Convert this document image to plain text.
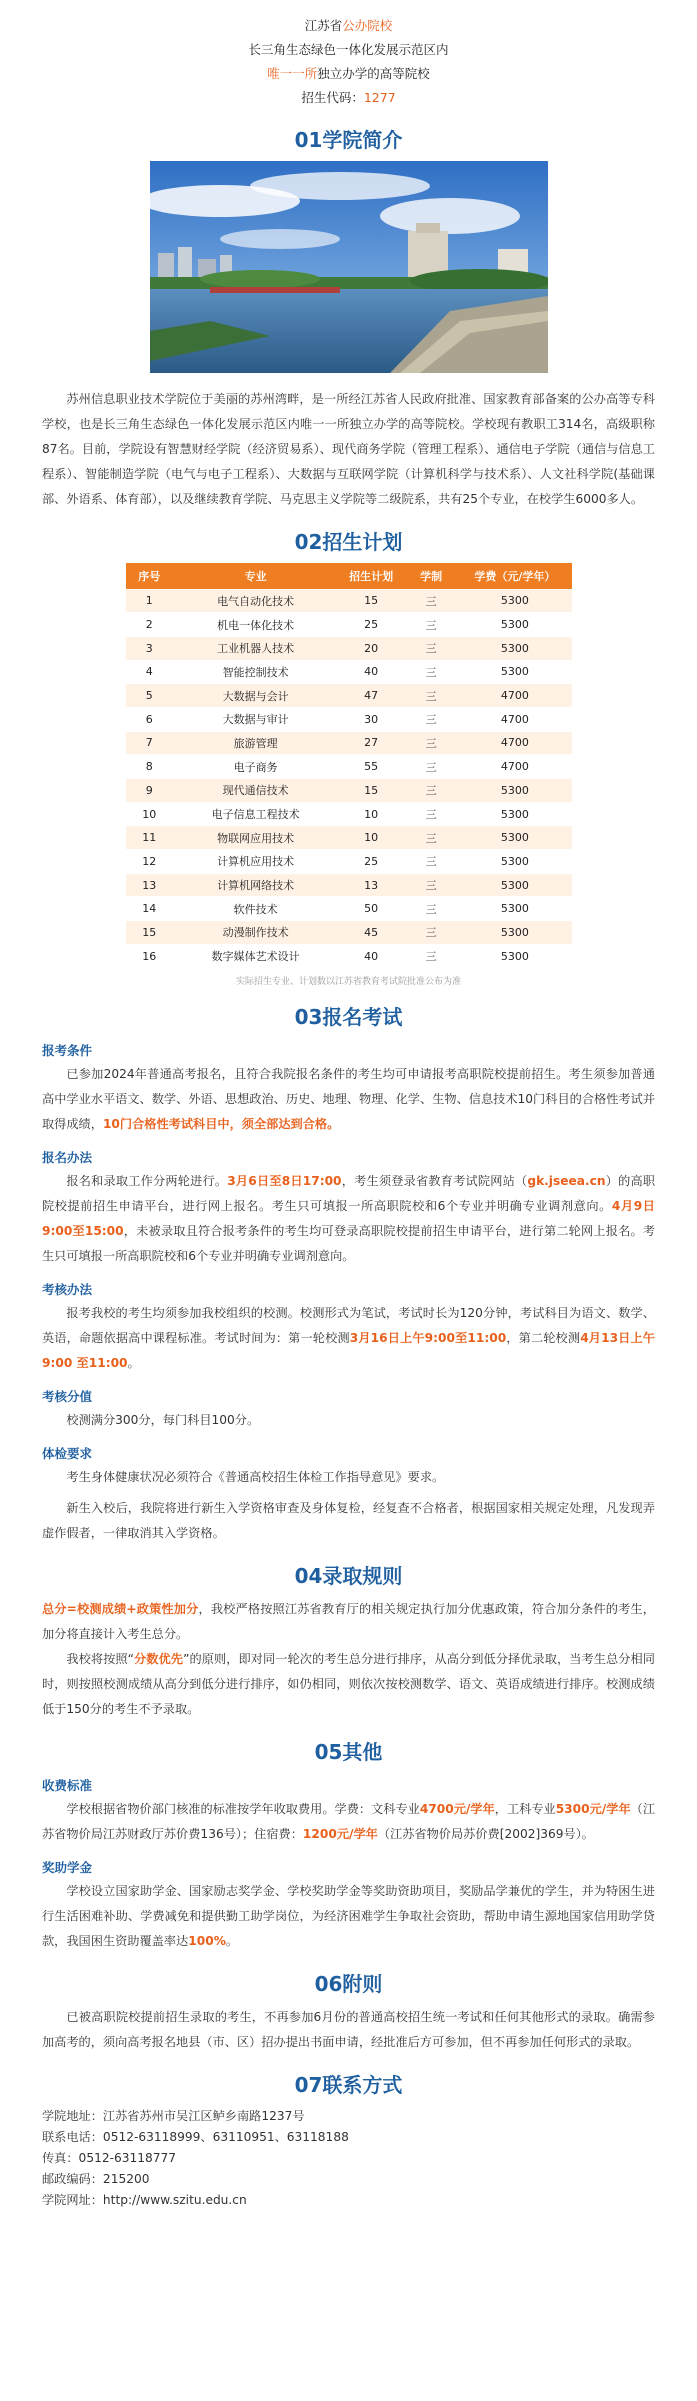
江苏省公办院校
长三角生态绿色一体化发展示范区内
唯一一所独立办学的高等院校
招生代码：1277
01学院简介

苏州信息职业技术学院位于美丽的苏州湾畔，是一所经江苏省人民政府批准、国家教育部备案的公办高等专科学校，也是长三角生态绿色一体化发展示范区内唯一一所独立办学的高等院校。学校现有教职工314名，高级职称87名。目前，学院设有智慧财经学院（经济贸易系）、现代商务学院（管理工程系）、通信电子学院（通信与信息工程系）、智能制造学院（电气与电子工程系）、大数据与互联网学院（计算机科学与技术系）、人文社科学院(基础课部、外语系、体育部），以及继续教育学院、马克思主义学院等二级院系，共有25个专业，在校学生6000多人。

02招生计划
序号	专业	招生计划	学制	学费（元/学年）
1	电气自动化技术	15	三	5300
2	机电一体化技术	25	三	5300
3	工业机器人技术	20	三	5300
4	智能控制技术	40	三	5300
5	大数据与会计	47	三	4700
6	大数据与审计	30	三	4700
7	旅游管理	27	三	4700
8	电子商务	55	三	4700
9	现代通信技术	15	三	5300
10	电子信息工程技术	10	三	5300
11	物联网应用技术	10	三	5300
12	计算机应用技术	25	三	5300
13	计算机网络技术	13	三	5300
14	软件技术	50	三	5300
15	动漫制作技术	45	三	5300
16	数字媒体艺术设计	40	三	5300
实际招生专业、计划数以江苏省教育考试院批准公布为准
03报名考试
报考条件

已参加2024年普通高考报名，且符合我院报名条件的考生均可申请报考高职院校提前招生。考生须参加普通高中学业水平语文、数学、外语、思想政治、历史、地理、物理、化学、生物、信息技术10门科目的合格性考试并取得成绩，10门合格性考试科目中，须全部达到合格。

报名办法

报名和录取工作分两轮进行。3月6日至8日17:00，考生须登录省教育考试院网站（gk.jseea.cn）的高职院校提前招生申请平台，进行网上报名。考生只可填报一所高职院校和6个专业并明确专业调剂意向。4月9日9:00至15:00，未被录取且符合报考条件的考生均可登录高职院校提前招生申请平台，进行第二轮网上报名。考生只可填报一所高职院校和6个专业并明确专业调剂意向。

考核办法

报考我校的考生均须参加我校组织的校测。校测形式为笔试，考试时长为120分钟，考试科目为语文、数学、英语，命题依据高中课程标准。考试时间为：第一轮校测3月16日上午9:00至11:00，第二轮校测4月13日上午9:00 至11:00。

考核分值

校测满分300分，每门科目100分。

体检要求

考生身体健康状况必须符合《普通高校招生体检工作指导意见》要求。

新生入校后，我院将进行新生入学资格审查及身体复检，经复查不合格者，根据国家相关规定处理，凡发现弄虚作假者，一律取消其入学资格。

04录取规则

总分=校测成绩+政策性加分，我校严格按照江苏省教育厅的相关规定执行加分优惠政策，符合加分条件的考生，加分将直接计入考生总分。

我校将按照“分数优先”的原则，即对同一轮次的考生总分进行排序，从高分到低分择优录取，当考生总分相同时，则按照校测成绩从高分到低分进行排序，如仍相同，则依次按校测数学、语文、英语成绩进行排序。校测成绩低于150分的考生不予录取。

05其他
收费标准

学校根据省物价部门核准的标准按学年收取费用。学费：文科专业4700元/学年，工科专业5300元/学年（江苏省物价局江苏财政厅苏价费136号）；住宿费：1200元/学年（江苏省物价局苏价费[2002]369号）。

奖助学金

学校设立国家助学金、国家励志奖学金、学校奖助学金等奖助资助项目，奖励品学兼优的学生，并为特困生进行生活困难补助、学费减免和提供勤工助学岗位，为经济困难学生争取社会资助，帮助申请生源地国家信用助学贷款，我国困生资助覆盖率达100%。

06附则

已被高职院校提前招生录取的考生，不再参加6月份的普通高校招生统一考试和任何其他形式的录取。确需参加高考的，须向高考报名地县（市、区）招办提出书面申请，经批准后方可参加，但不再参加任何形式的录取。

07联系方式
学院地址：江苏省苏州市吴江区鲈乡南路1237号
联系电话：0512-63118999、63110951、63118188
传真：0512-63118777
邮政编码：215200
学院网址：http://www.szitu.edu.cn
